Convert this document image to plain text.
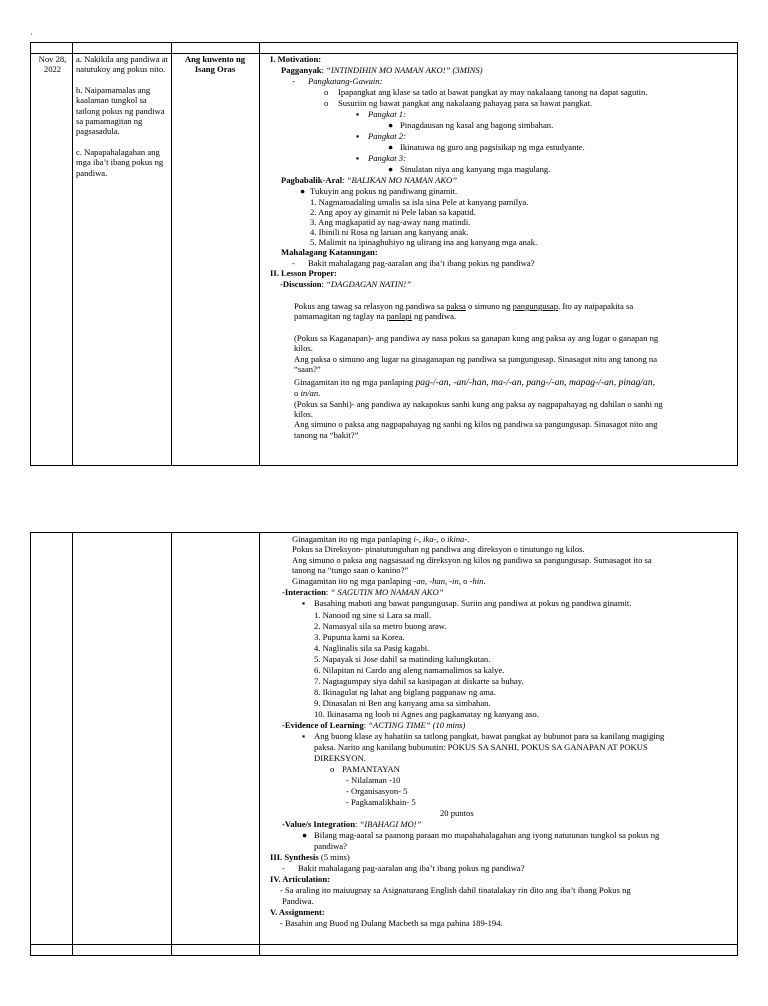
·
Nov 28, 2022

a. Nakikila ang pandiwa at natutukoy ang pokus nito.

b. Naipamamalas ang kaalaman tungkol sa tatlong pokus ng pandiwa sa pamamagitan ng pagsasadula.

c. Napapahalagahan ang mga iba’t ibang pokus ng pandiwa.

Ang kuwento ng Isang Oras
I. Motivation:
Pagganyak: “INTINDIHIN MO NAMAN AKO!” (3MINS)
- Pangkatang-Gawain:
o Ipapangkat ang klase sa tatlo at bawat pangkat ay may nakalaang tanong na dapat sagutin.
o Susuriin ng bawat pangkat ang nakalaang pahayag para sa bawat pangkat.
▪ Pangkat 1:
● Pinagdausan ng kasal ang bagong simbahan.
▪ Pangkat 2:
● Ikinatuwa ng guro ang pagsisikap ng mga estudyante.
▪ Pangkat 3:
● Sinulatan niya ang kanyang mga magulang.
Pagbabalik-Aral: “BALIKAN MO NAMAN AKO”
● Tukuyin ang pokus ng pandiwang ginamit.
1. Nagmamadaling umalis sa isla sina Pele at kanyang pamilya.
2. Ang apoy ay ginamit ni Pele laban sa kapatid.
3. Ang magkapatid ay nag-away nang matindi.
4. Ibinili ni Rosa ng laruan ang kanyang anak.
5. Malimit na ipinaghuhiyo ng ulirang ina ang kanyang mga anak.
Mahalagang Katanungan:
- Bakit mahalagang pag-aaralan ang iba’t ibang pokus ng pandiwa?
II. Lesson Proper:
-Discussion: “DAGDAGAN NATIN!”
Pokus ang tawag sa relasyon ng pandiwa sa paksa o simuno ng pangungusap. Ito ay naipapakita sa
pamamagitan ng taglay na panlapi ng pandiwa.
(Pokus sa Kaganapan)- ang pandiwa ay nasa pokus sa ganapan kung ang paksa ay ang lugar o ganapan ng
kilos.
Ang paksa o simuno ang lugar na ginaganapan ng pandiwa sa pangungusap. Sinasagot nito ang tanong na
“saan?”
Ginagamitan ito ng mga panlaping pag-/-an, -an/-han, ma-/-an, pang-/-an, mapag-/-an, pinag/an,
o in/an.
(Pokus sa Sanhi)- ang pandiwa ay nakapokus sanhi kung ang paksa ay nagpapahayag ng dahilan o sanhi ng
kilos.
Ang simuno o paksa ang nagpapahayag ng sanhi ng kilos ng pandiwa sa pangungusap. Sinasagot nito ang
tanong na “bakit?”
Ginagamitan ito ng mga panlaping i-, ika-, o ikina-.
Pokus sa Direksyon- pinatutunguhan ng pandiwa ang direksyon o tinutungo ng kilos.
Ang simuno o paksa ang nagsasaad ng direksyon ng kilos ng pandiwa sa pangungusap. Sumasagot ito sa
tanong na “tungo saan o kanino?”
Ginagamitan ito ng mga panlaping -an, -han, -in, o -hin.
-Interaction: “ SAGUTIN MO NAMAN AKO”
▪ Basahing mabuti ang bawat pangungusap. Suriin ang pandiwa at pokus ng pandiwa ginamit.
1. Nanood ng sine si Lara sa mall.
2. Namasyal sila sa metro buong araw.
3. Pupunta kami sa Korea.
4. Naglinalis sila sa Pasig kagabi.
5. Napayak si Jose dahil sa matinding kalungkutan.
6. Nilapitan ni Cardo ang aleng namamalimos sa kalye.
7. Nagtagumpay siya dahil sa kasipagan at diskarte sa buhay.
8. Ikinagulat ng lahat ang biglang pagpanaw ng ama.
9. Dinasalan ni Ben ang kanyang ama sa simbahan.
10. Ikinasama ng loob ni Agnes ang pagkamatay ng kanyang aso.
-Evidence of Learning: “ACTING TIME” (10 mins)
▪ Ang buong klase ay hahatiin sa tatlong pangkat, bawat pangkat ay bubunot para sa kanilang magiging
paksa. Narito ang kanilang bubunutin: POKUS SA SANHI, POKUS SA GANAPAN AT POKUS
DIREKSYON.
o PAMANTAYAN
- Nilalaman -10
- Organisasyon- 5
- Pagkamalikhain- 5
20 puntos
-Value/s Integration: “IBAHAGI MO!”
● Bilang mag-aaral sa paanong paraan mo mapahahalagahan ang iyong natutunan tungkol sa pokus ng
pandiwa?
III. Synthesis (5 mins)
- Bakit mahalagang pag-aaralan ang iba’t ibang pokus ng pandiwa?
IV. Articulation:
- Sa araling ito maiuugnay sa Asignaturang English dahil tinatalakay rin dito ang iba’t ibang Pokus ng
Pandiwa.
V. Assignment:
- Basahin ang Buod ng Dulang Macbeth sa mga pahina 189-194.
